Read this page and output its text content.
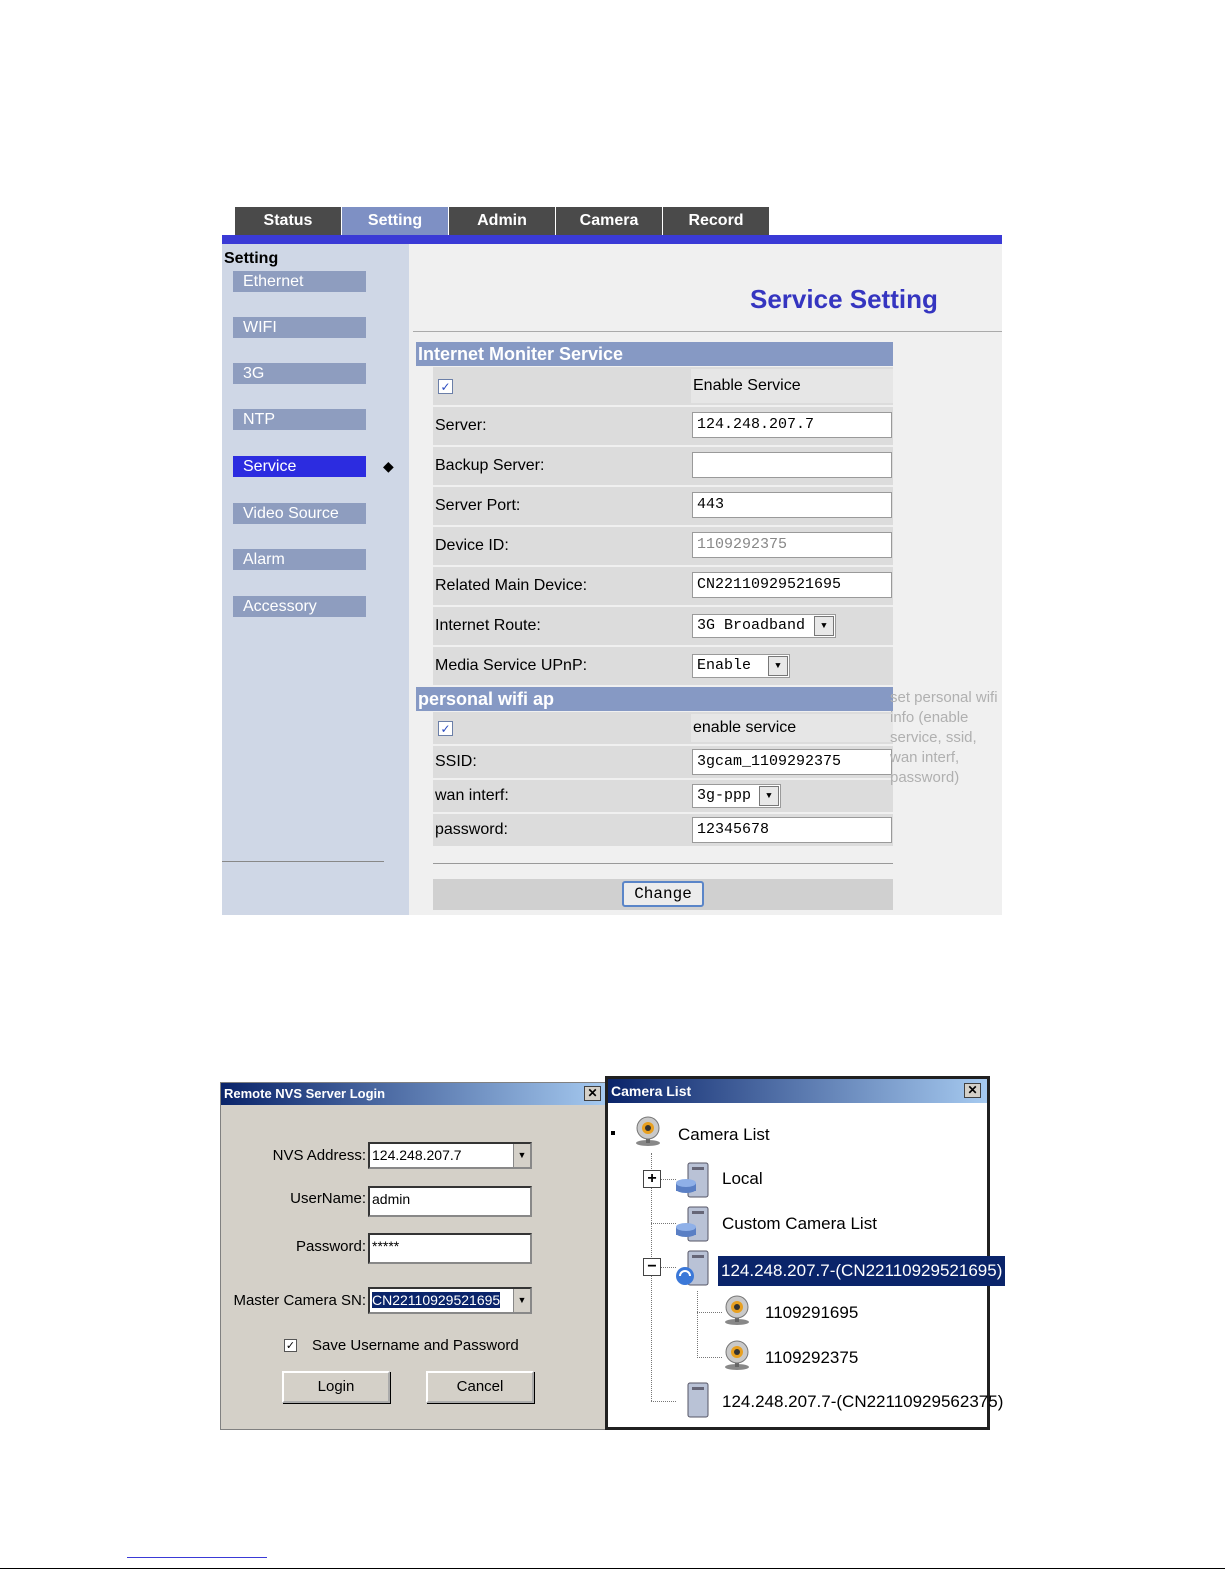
Status	Setting	Admin	Camera	Record
Setting
Ethernet
WIFI
3G
NTP
Service	◆
Video Source
Alarm
Accessory
Service Setting
Internet Moniter Service
✓	Enable Service
Server:	124.248.207.7
Backup Server:
Server Port:	443
Device ID:	1109292375
Related Main Device:	CN22110929521695
Internet Route:	3G Broadband	▼
Media Service UPnP:	Enable	▼
personal wifi ap
✓	enable service
SSID:	3gcam_1109292375
wan interf:	3g-ppp	▼
password:	12345678
set personal wifi info (enable service, ssid, wan interf, password)
Change
Remote NVS Server Login	✕
NVS Address: 124.248.207.7	▼
UserName: admin
Password: *****
Master Camera SN: CN22110929521695	▼
✓ Save Username and Password
Login	Cancel
Camera List	✕
Camera List
+	Local
Custom Camera List
−	124.248.207.7-(CN22110929521695)
1109291695
1109292375
124.248.207.7-(CN22110929562375)
